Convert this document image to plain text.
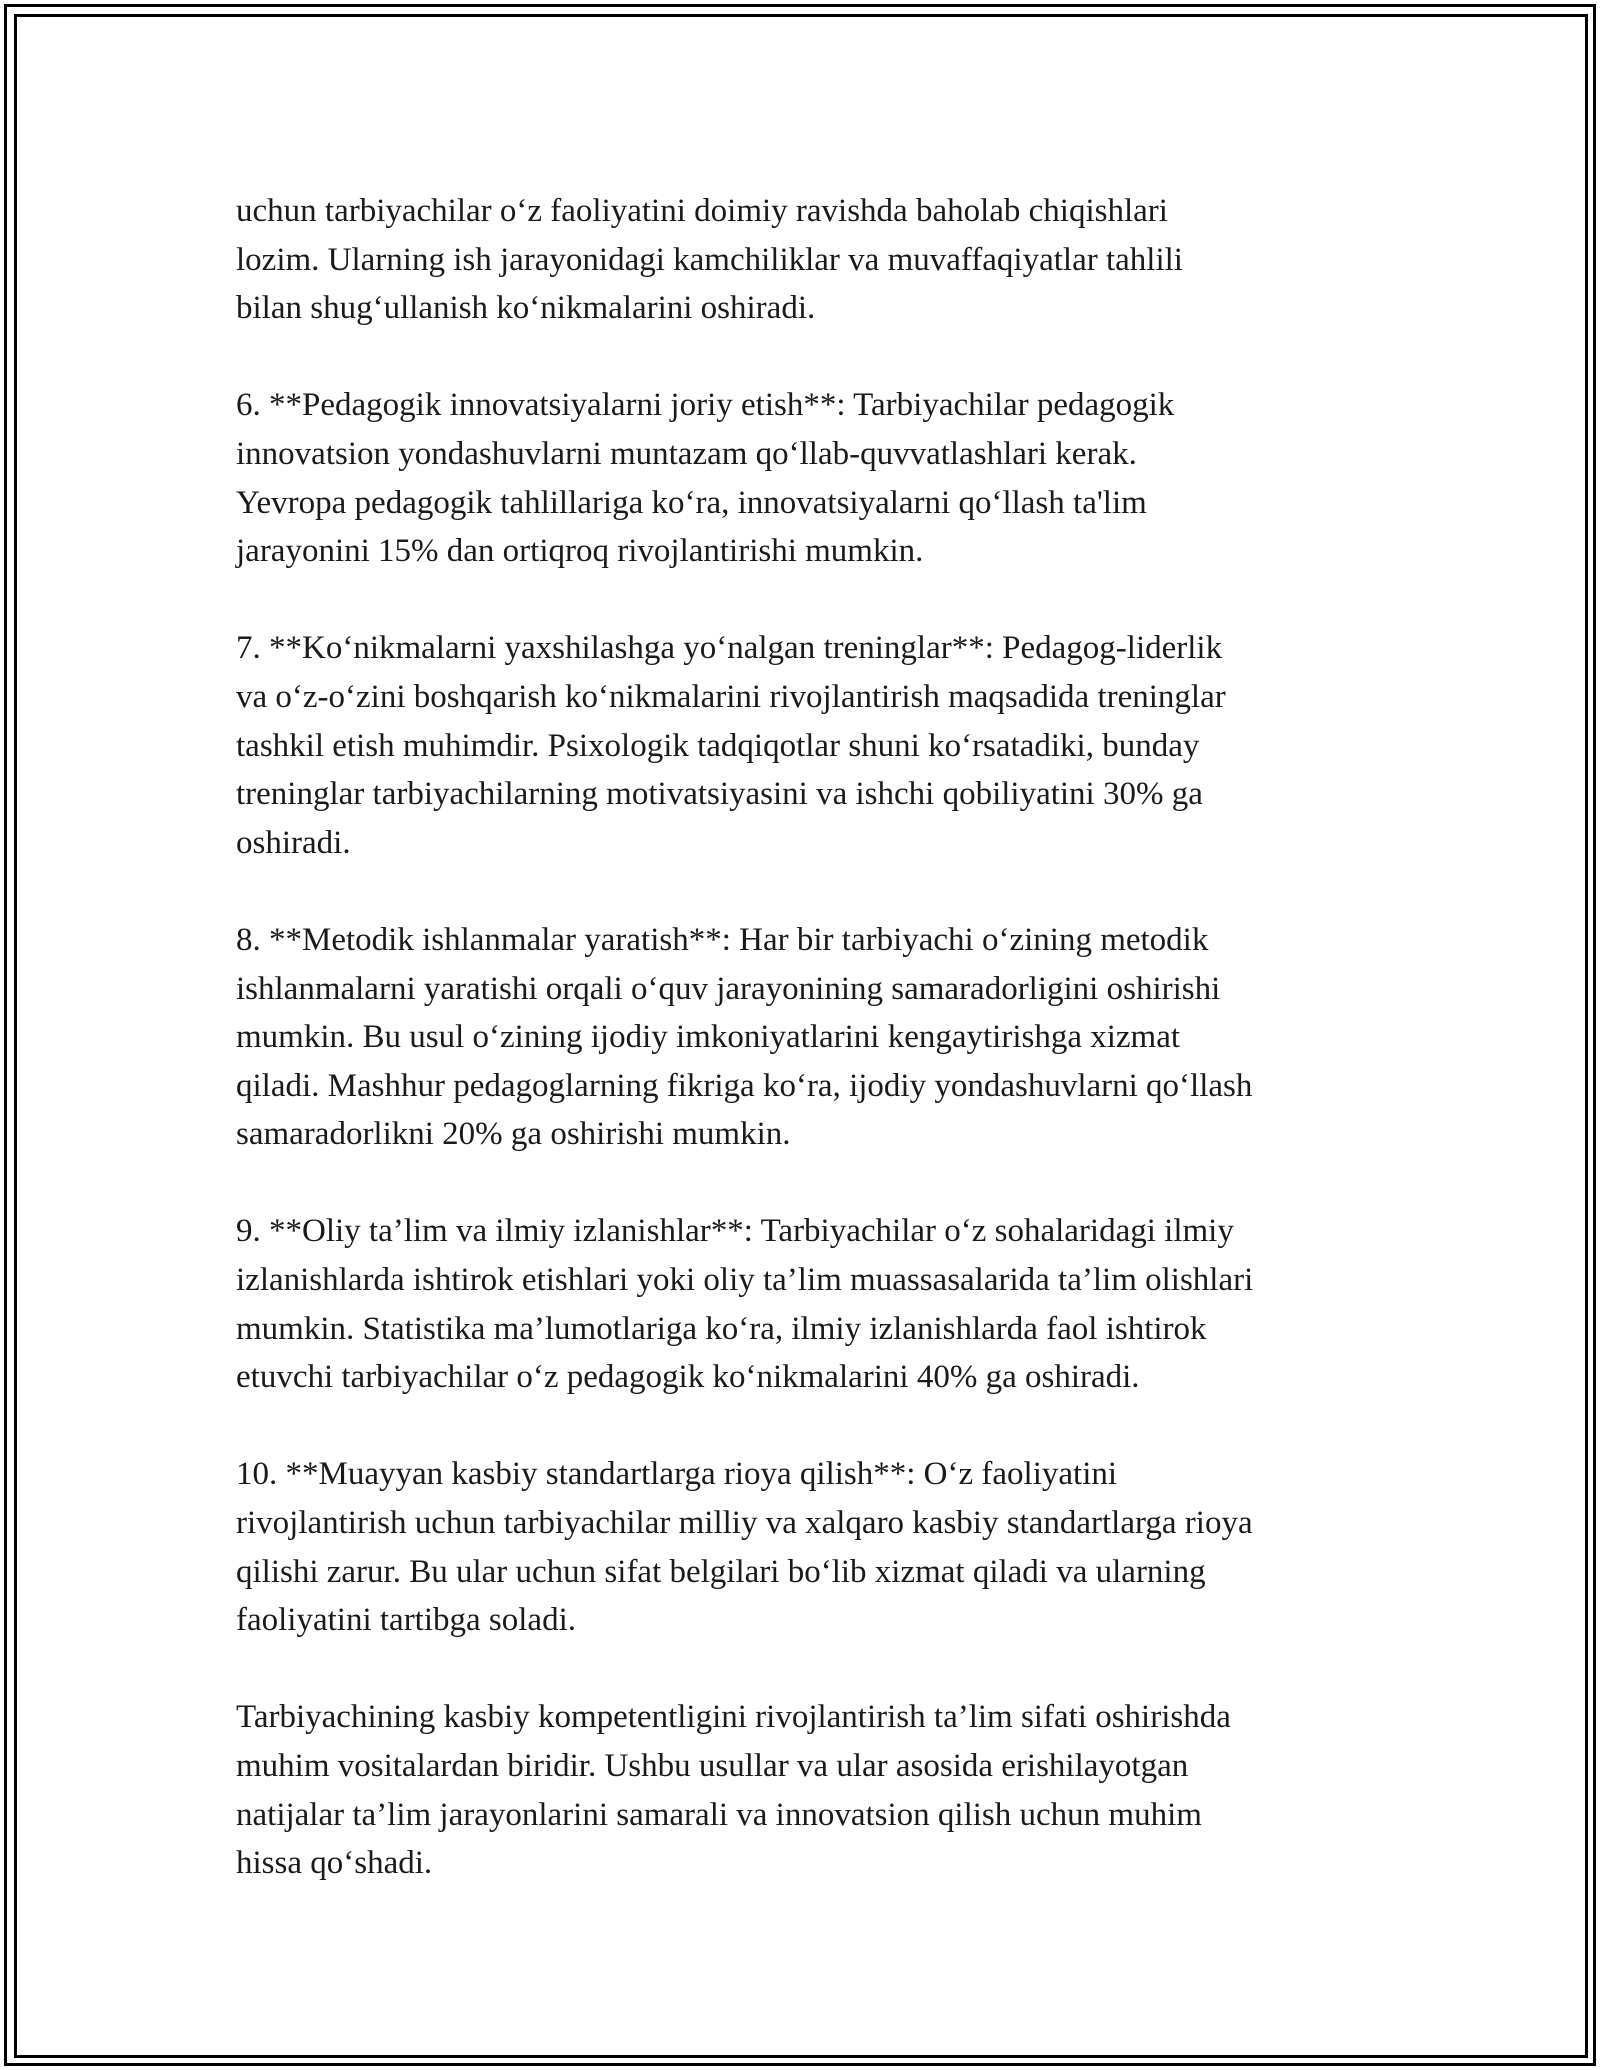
uchun tarbiyachilar o‘z faoliyatini doimiy ravishda baholab chiqishlari
lozim. Ularning ish jarayonidagi kamchiliklar va muvaffaqiyatlar tahlili
bilan shug‘ullanish ko‘nikmalarini oshiradi.

6. **Pedagogik innovatsiyalarni joriy etish**: Tarbiyachilar pedagogik
innovatsion yondashuvlarni muntazam qo‘llab-quvvatlashlari kerak.
Yevropa pedagogik tahlillariga ko‘ra, innovatsiyalarni qo‘llash ta'lim
jarayonini 15% dan ortiqroq rivojlantirishi mumkin.

7. **Ko‘nikmalarni yaxshilashga yo‘nalgan treninglar**: Pedagog-liderlik
va o‘z-o‘zini boshqarish ko‘nikmalarini rivojlantirish maqsadida treninglar
tashkil etish muhimdir. Psixologik tadqiqotlar shuni ko‘rsatadiki, bunday
treninglar tarbiyachilarning motivatsiyasini va ishchi qobiliyatini 30% ga
oshiradi.

8. **Metodik ishlanmalar yaratish**: Har bir tarbiyachi o‘zining metodik
ishlanmalarni yaratishi orqali o‘quv jarayonining samaradorligini oshirishi
mumkin. Bu usul o‘zining ijodiy imkoniyatlarini kengaytirishga xizmat
qiladi. Mashhur pedagoglarning fikriga ko‘ra, ijodiy yondashuvlarni qo‘llash
samaradorlikni 20% ga oshirishi mumkin.

9. **Oliy ta’lim va ilmiy izlanishlar**: Tarbiyachilar o‘z sohalaridagi ilmiy
izlanishlarda ishtirok etishlari yoki oliy ta’lim muassasalarida ta’lim olishlari
mumkin. Statistika ma’lumotlariga ko‘ra, ilmiy izlanishlarda faol ishtirok
etuvchi tarbiyachilar o‘z pedagogik ko‘nikmalarini 40% ga oshiradi.

10. **Muayyan kasbiy standartlarga rioya qilish**: O‘z faoliyatini
rivojlantirish uchun tarbiyachilar milliy va xalqaro kasbiy standartlarga rioya
qilishi zarur. Bu ular uchun sifat belgilari bo‘lib xizmat qiladi va ularning
faoliyatini tartibga soladi.

Tarbiyachining kasbiy kompetentligini rivojlantirish ta’lim sifati oshirishda
muhim vositalardan biridir. Ushbu usullar va ular asosida erishilayotgan
natijalar ta’lim jarayonlarini samarali va innovatsion qilish uchun muhim
hissa qo‘shadi.
